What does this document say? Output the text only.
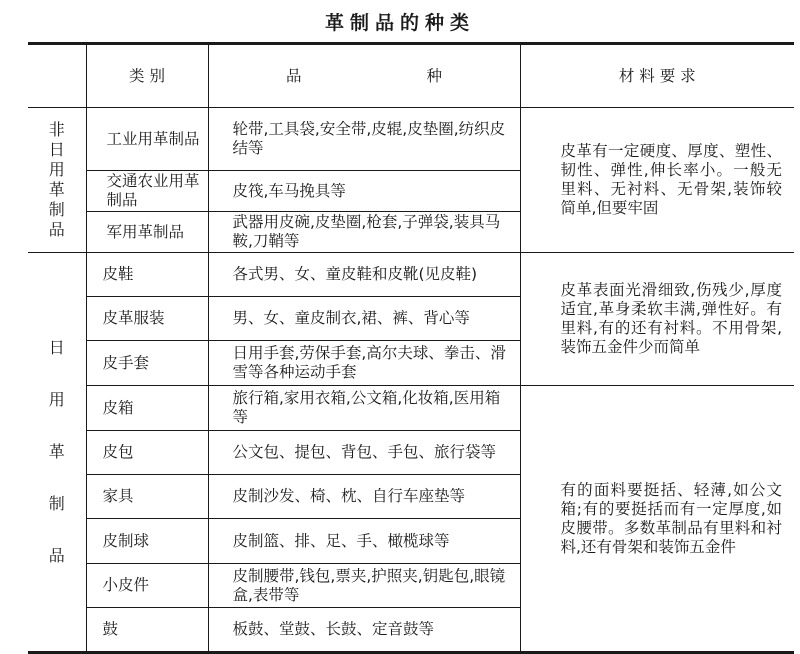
革制品的种类
	类 别	品 种	材 料 要 求
非日用革制品	工业用革制品	轮带,工具袋,安全带,皮辊,皮垫圈,纺织皮结等	皮革有一定硬度、厚度、塑性、韧性、弹性,伸长率小。一般无里料、无衬料、无骨架,装饰较简单,但要牢固
	交通农业用革制品	皮筏,车马挽具等	
	军用革制品	武器用皮碗,皮垫圈,枪套,子弹袋,装具马鞍,刀鞘等	
日用革制品	皮鞋	各式男、女、童皮鞋和皮靴(见皮鞋)	皮革表面光滑细致,伤残少,厚度适宜,革身柔软丰满,弹性好。有里料,有的还有衬料。不用骨架,装饰五金件少而简单
	皮革服装	男、女、童皮制衣,裙、裤、背心等	
	皮手套	日用手套,劳保手套,高尔夫球、拳击、滑雪等各种运动手套	
	皮箱	旅行箱,家用衣箱,公文箱,化妆箱,医用箱等	有的面料要挺括、轻薄,如公文箱;有的要挺括而有一定厚度,如皮腰带。多数革制品有里料和衬料,还有骨架和装饰五金件
	皮包	公文包、提包、背包、手包、旅行袋等	
	家具	皮制沙发、椅、枕、自行车座垫等	
	皮制球	皮制篮、排、足、手、橄榄球等	
	小皮件	皮制腰带,钱包,票夹,护照夹,钥匙包,眼镜盒,表带等	
	鼓	板鼓、堂鼓、长鼓、定音鼓等	
